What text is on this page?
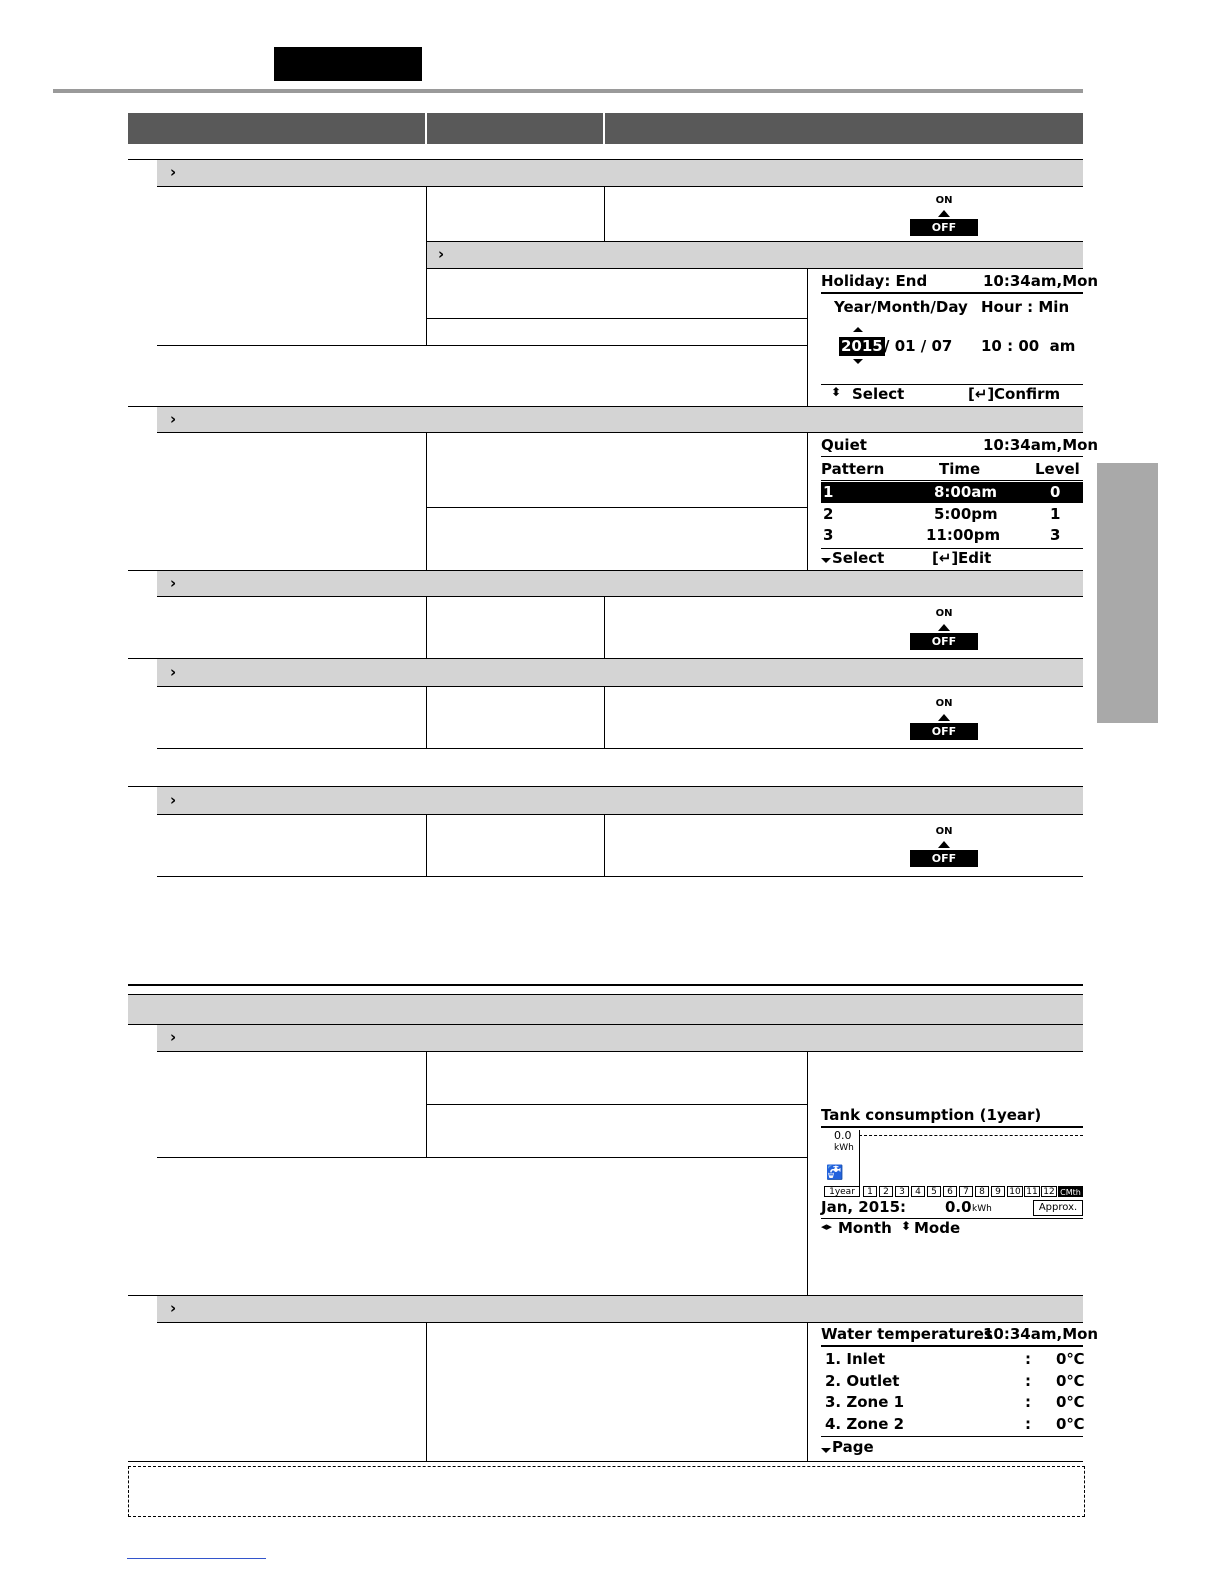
›
ON
OFF
›
Holiday: End	10:34am,Mon
Year/Month/Day Hour : Min
2015 / 01 / 07 10 : 00  am
⬍ Select	[↵] Confirm
›
Quiet	10:34am,Mon
Pattern	Time	Level
1	8:00am	0
2	5:00pm	1
3	11:00pm	3
Select	[↵] Edit
›
ON
OFF
›
ON
OFF
›
ON
OFF
›
Tank consumption (1year)
0.0
kWh
🚰
1year	1	2	3	4	5	6	7	8	9 10 11 12 CMth
Jan, 2015:	0.0 kWh	Approx.
◂▸ Month ⬍ Mode
›
Water temperatures
10:34am,Mon
1. Inlet	: 0℃
2. Outlet	: 0℃
3. Zone 1	: 0℃
4. Zone 2	: 0℃
Page
